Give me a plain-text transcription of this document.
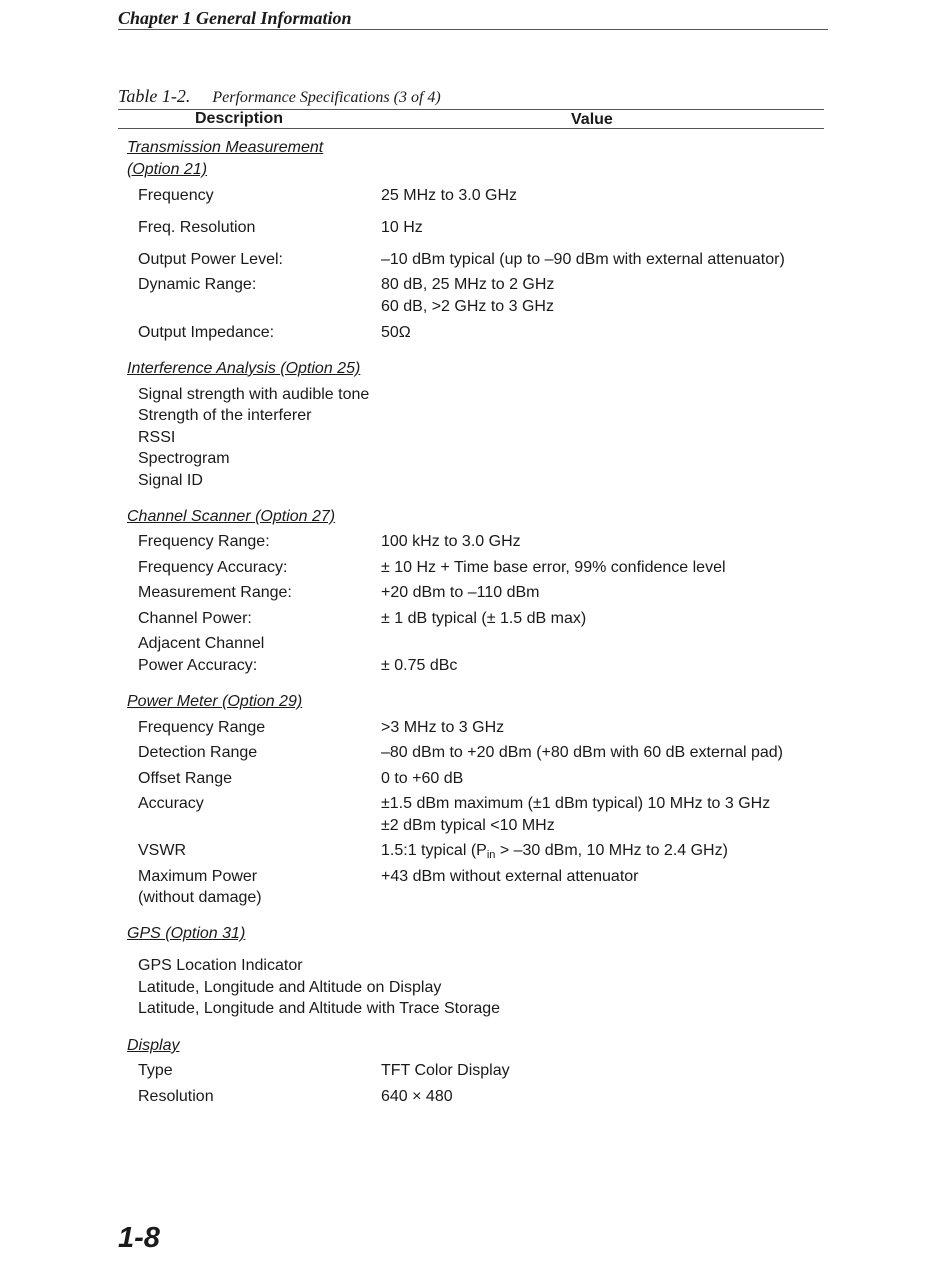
Chapter 1 General Information
Table 1-2. Performance Specifications (3 of 4)
Description	Value
Transmission Measurement
(Option 21)
Frequency	25 MHz to 3.0 GHz
Freq. Resolution	10 Hz
Output Power Level:	–10 dBm typical (up to –90 dBm with external attenuator)
Dynamic Range:	80 dB, 25 MHz to 2 GHz
60 dB, >2 GHz to 3 GHz
Output Impedance:	50Ω
Interference Analysis (Option 25)
Signal strength with audible tone
Strength of the interferer
RSSI
Spectrogram
Signal ID
Channel Scanner (Option 27)
Frequency Range:	100 kHz to 3.0 GHz
Frequency Accuracy:	± 10 Hz + Time base error, 99% confidence level
Measurement Range:	+20 dBm to –110 dBm
Channel Power:	± 1 dB typical (± 1.5 dB max)
Adjacent Channel
Power Accuracy:	± 0.75 dBc
Power Meter (Option 29)
Frequency Range	>3 MHz to 3 GHz
Detection Range	–80 dBm to +20 dBm (+80 dBm with 60 dB external pad)
Offset Range	0 to +60 dB
Accuracy	±1.5 dBm maximum (±1 dBm typical) 10 MHz to 3 GHz
±2 dBm typical <10 MHz
VSWR	1.5:1 typical ($P_{in} > -30$ dBm, 10 MHz to 2.4 GHz)
Maximum Power	+43 dBm without external attenuator
(without damage)
GPS (Option 31)
GPS Location Indicator
Latitude, Longitude and Altitude on Display
Latitude, Longitude and Altitude with Trace Storage
Display
Type	TFT Color Display
Resolution	640 × 480
1-8
